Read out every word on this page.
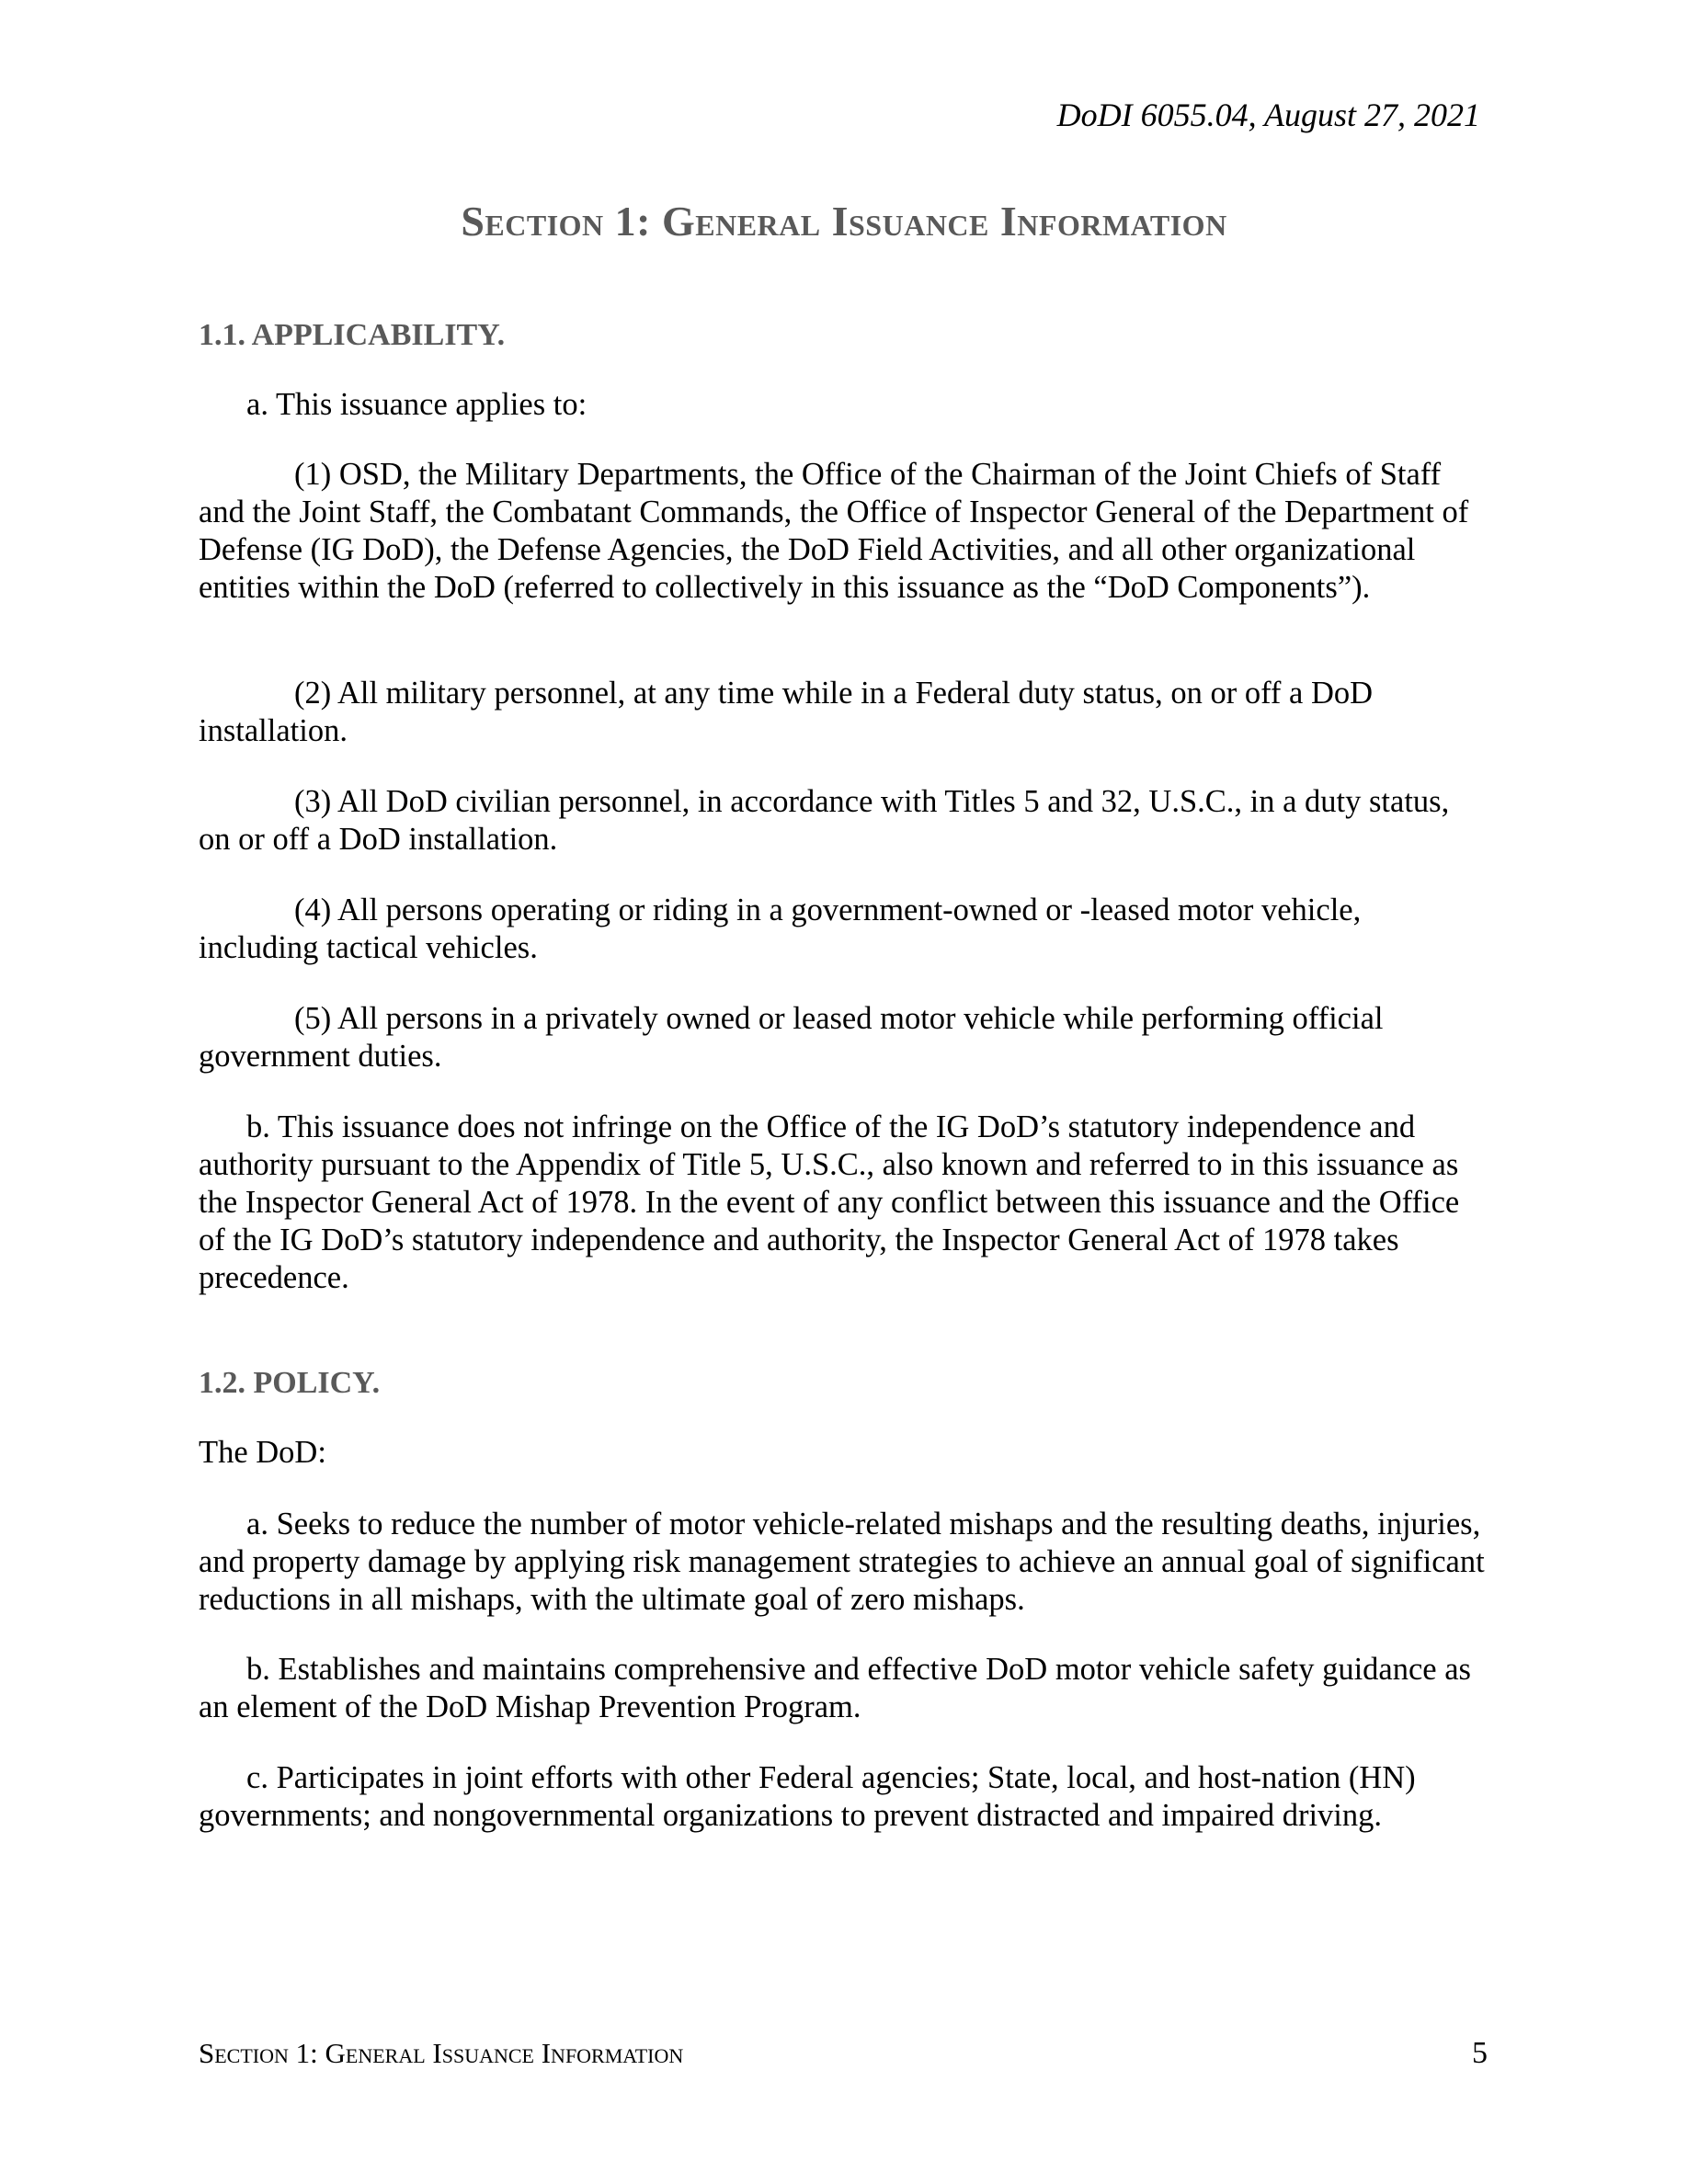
DoDI 6055.04, August 27, 2021
Section 1: General Issuance Information
1.1. APPLICABILITY.

a. This issuance applies to:

(1) OSD, the Military Departments, the Office of the Chairman of the Joint Chiefs of Staff and the Joint Staff, the Combatant Commands, the Office of Inspector General of the Department of Defense (IG DoD), the Defense Agencies, the DoD Field Activities, and all other organizational entities within the DoD (referred to collectively in this issuance as the “DoD Components”).

(2) All military personnel, at any time while in a Federal duty status, on or off a DoD installation.

(3) All DoD civilian personnel, in accordance with Titles 5 and 32, U.S.C., in a duty status, on or off a DoD installation.

(4) All persons operating or riding in a government-owned or -leased motor vehicle, including tactical vehicles.

(5) All persons in a privately owned or leased motor vehicle while performing official government duties.

b. This issuance does not infringe on the Office of the IG DoD’s statutory independence and authority pursuant to the Appendix of Title 5, U.S.C., also known and referred to in this issuance as the Inspector General Act of 1978. In the event of any conflict between this issuance and the Office of the IG DoD’s statutory independence and authority, the Inspector General Act of 1978 takes precedence.

1.2. POLICY.

The DoD:

a. Seeks to reduce the number of motor vehicle-related mishaps and the resulting deaths, injuries, and property damage by applying risk management strategies to achieve an annual goal of significant reductions in all mishaps, with the ultimate goal of zero mishaps.

b. Establishes and maintains comprehensive and effective DoD motor vehicle safety guidance as an element of the DoD Mishap Prevention Program.

c. Participates in joint efforts with other Federal agencies; State, local, and host-nation (HN) governments; and nongovernmental organizations to prevent distracted and impaired driving.

Section 1: General Issuance Information	5
